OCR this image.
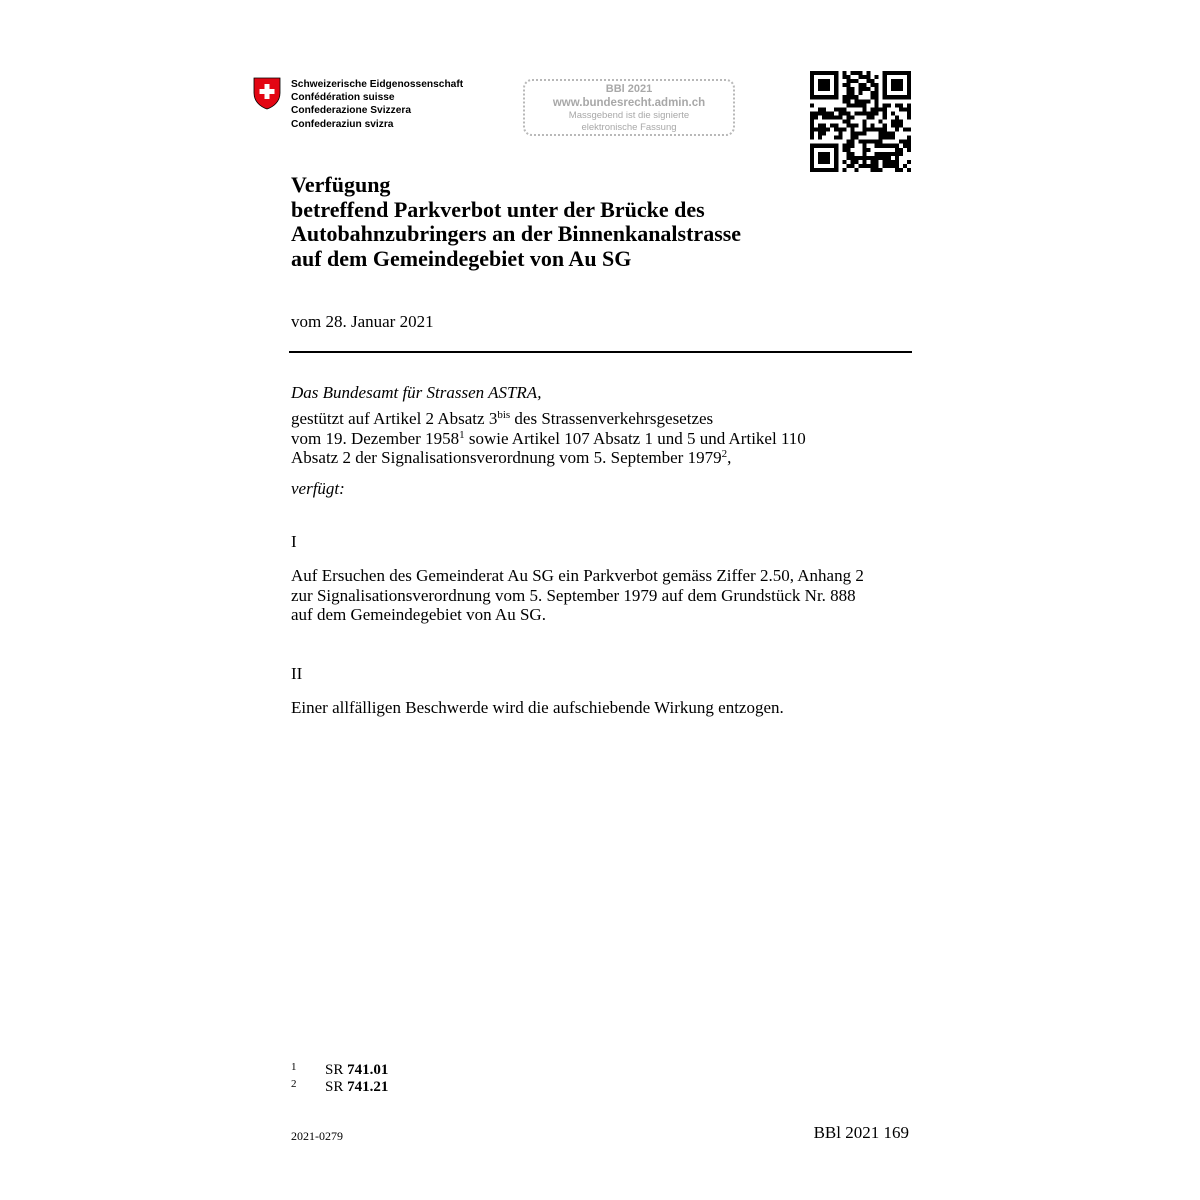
Schweizerische Eidgenossenschaft
Confédération suisse
Confederazione Svizzera
Confederaziun svizra
BBl 2021
www.bundesrecht.admin.ch
Massgebend ist die signierte
elektronische Fassung
Verfügung
betreffend Parkverbot unter der Brücke des
Autobahnzubringers an der Binnenkanalstrasse
auf dem Gemeindegebiet von Au SG
vom 28. Januar 2021
Das Bundesamt für Strassen ASTRA,
gestützt auf Artikel 2 Absatz $3^{bis}$ des Strassenverkehrsgesetzes
vom 19. Dezember 1958$^1$ sowie Artikel 107 Absatz 1 und 5 und Artikel 110
Absatz 2 der Signalisationsverordnung vom 5. September 1979$^2$,
verfügt:
I
Auf Ersuchen des Gemeinderat Au SG ein Parkverbot gemäss Ziffer 2.50, Anhang 2
zur Signalisationsverordnung vom 5. September 1979 auf dem Grundstück Nr. 888
auf dem Gemeindegebiet von Au SG.
II
Einer allfälligen Beschwerde wird die aufschiebende Wirkung entzogen.
1 SR 741.01
2 SR 741.21
2021-0279	BBl 2021 169
